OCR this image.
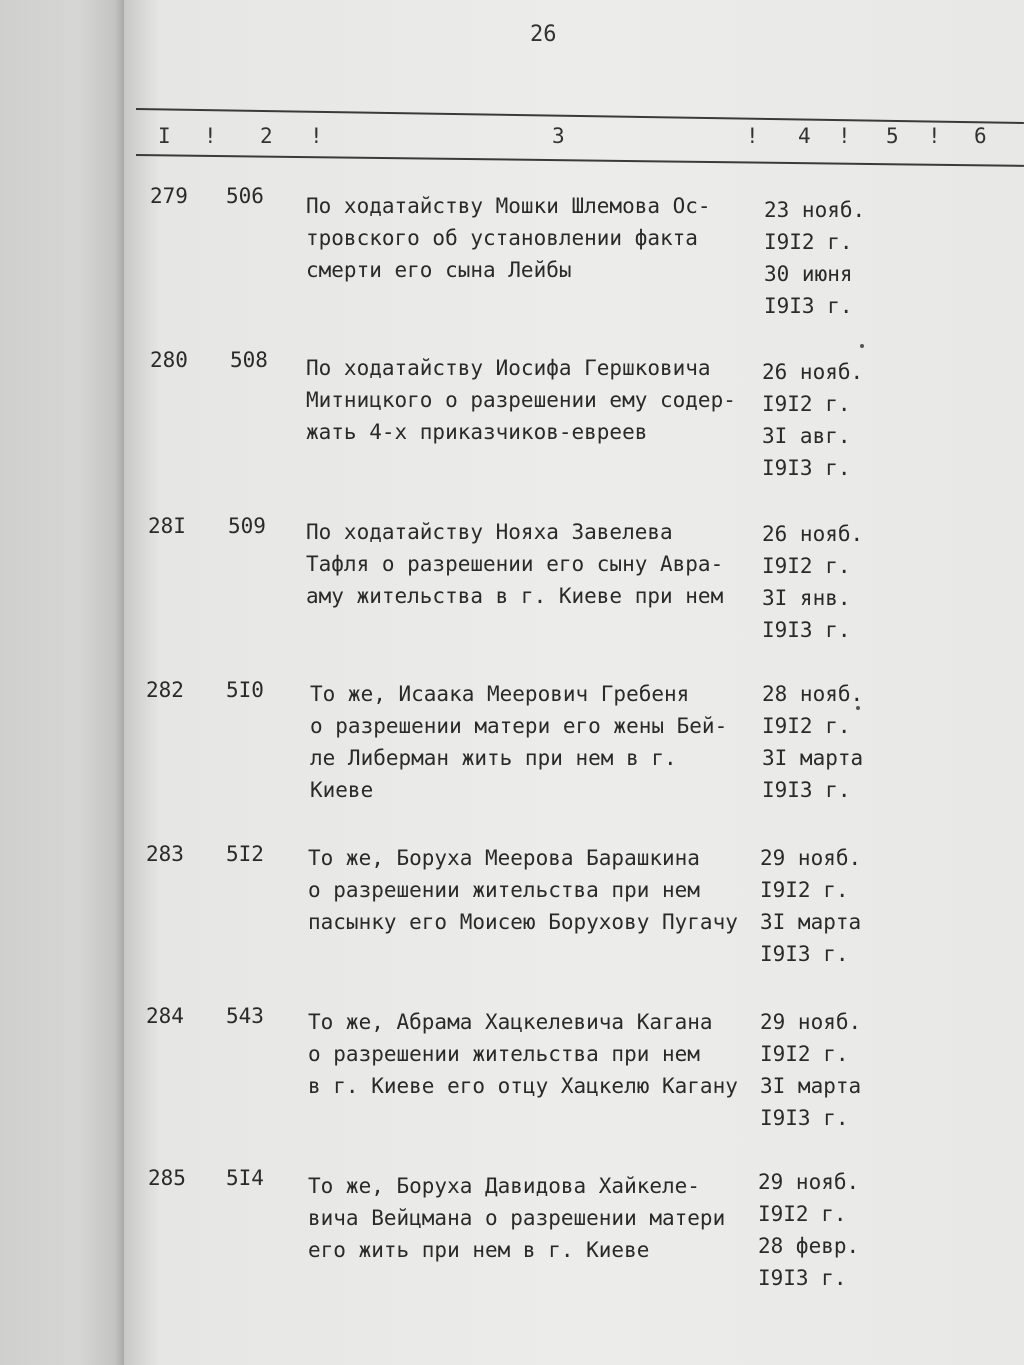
26
I ! 2 !	3	! 4 ! 5 ! 6
279 506 По ходатайству Мошки Шлемова Ос-
тровского об установлении факта
смерти его сына Лейбы
23 нояб.
I9I2 г.
30 июня
I9I3 г.
280 508 По ходатайству Иосифа Гершковича
Митницкого о разрешении ему содер-
жать 4-х приказчиков-евреев
26 нояб.
I9I2 г.
3I авг.
I9I3 г.
28I 509 По ходатайству Нояха Завелева
Тафля о разрешении его сыну Авра-
аму жительства в г. Киеве при нем
26 нояб.
I9I2 г.
3I янв.
I9I3 г.
282 5I0 То же, Исаака Меерович Гребеня
о разрешении матери его жены Бей-
ле Либерман жить при нем в г.
Киеве
28 нояб.
I9I2 г.
3I марта
I9I3 г.
283 5I2 То же, Боруха Меерова Барашкина
о разрешении жительства при нем
пасынку его Моисею Борухову Пугачу
29 нояб.
I9I2 г.
3I марта
I9I3 г.
284 543 То же, Абрама Хацкелевича Кагана
о разрешении жительства при нем
в г. Киеве его отцу Хацкелю Кагану
29 нояб.
I9I2 г.
3I марта
I9I3 г.
285 5I4 То же, Боруха Давидова Хайкеле-
вича Вейцмана о разрешении матери
его жить при нем в г. Киеве
29 нояб.
I9I2 г.
28 февр.
I9I3 г.
